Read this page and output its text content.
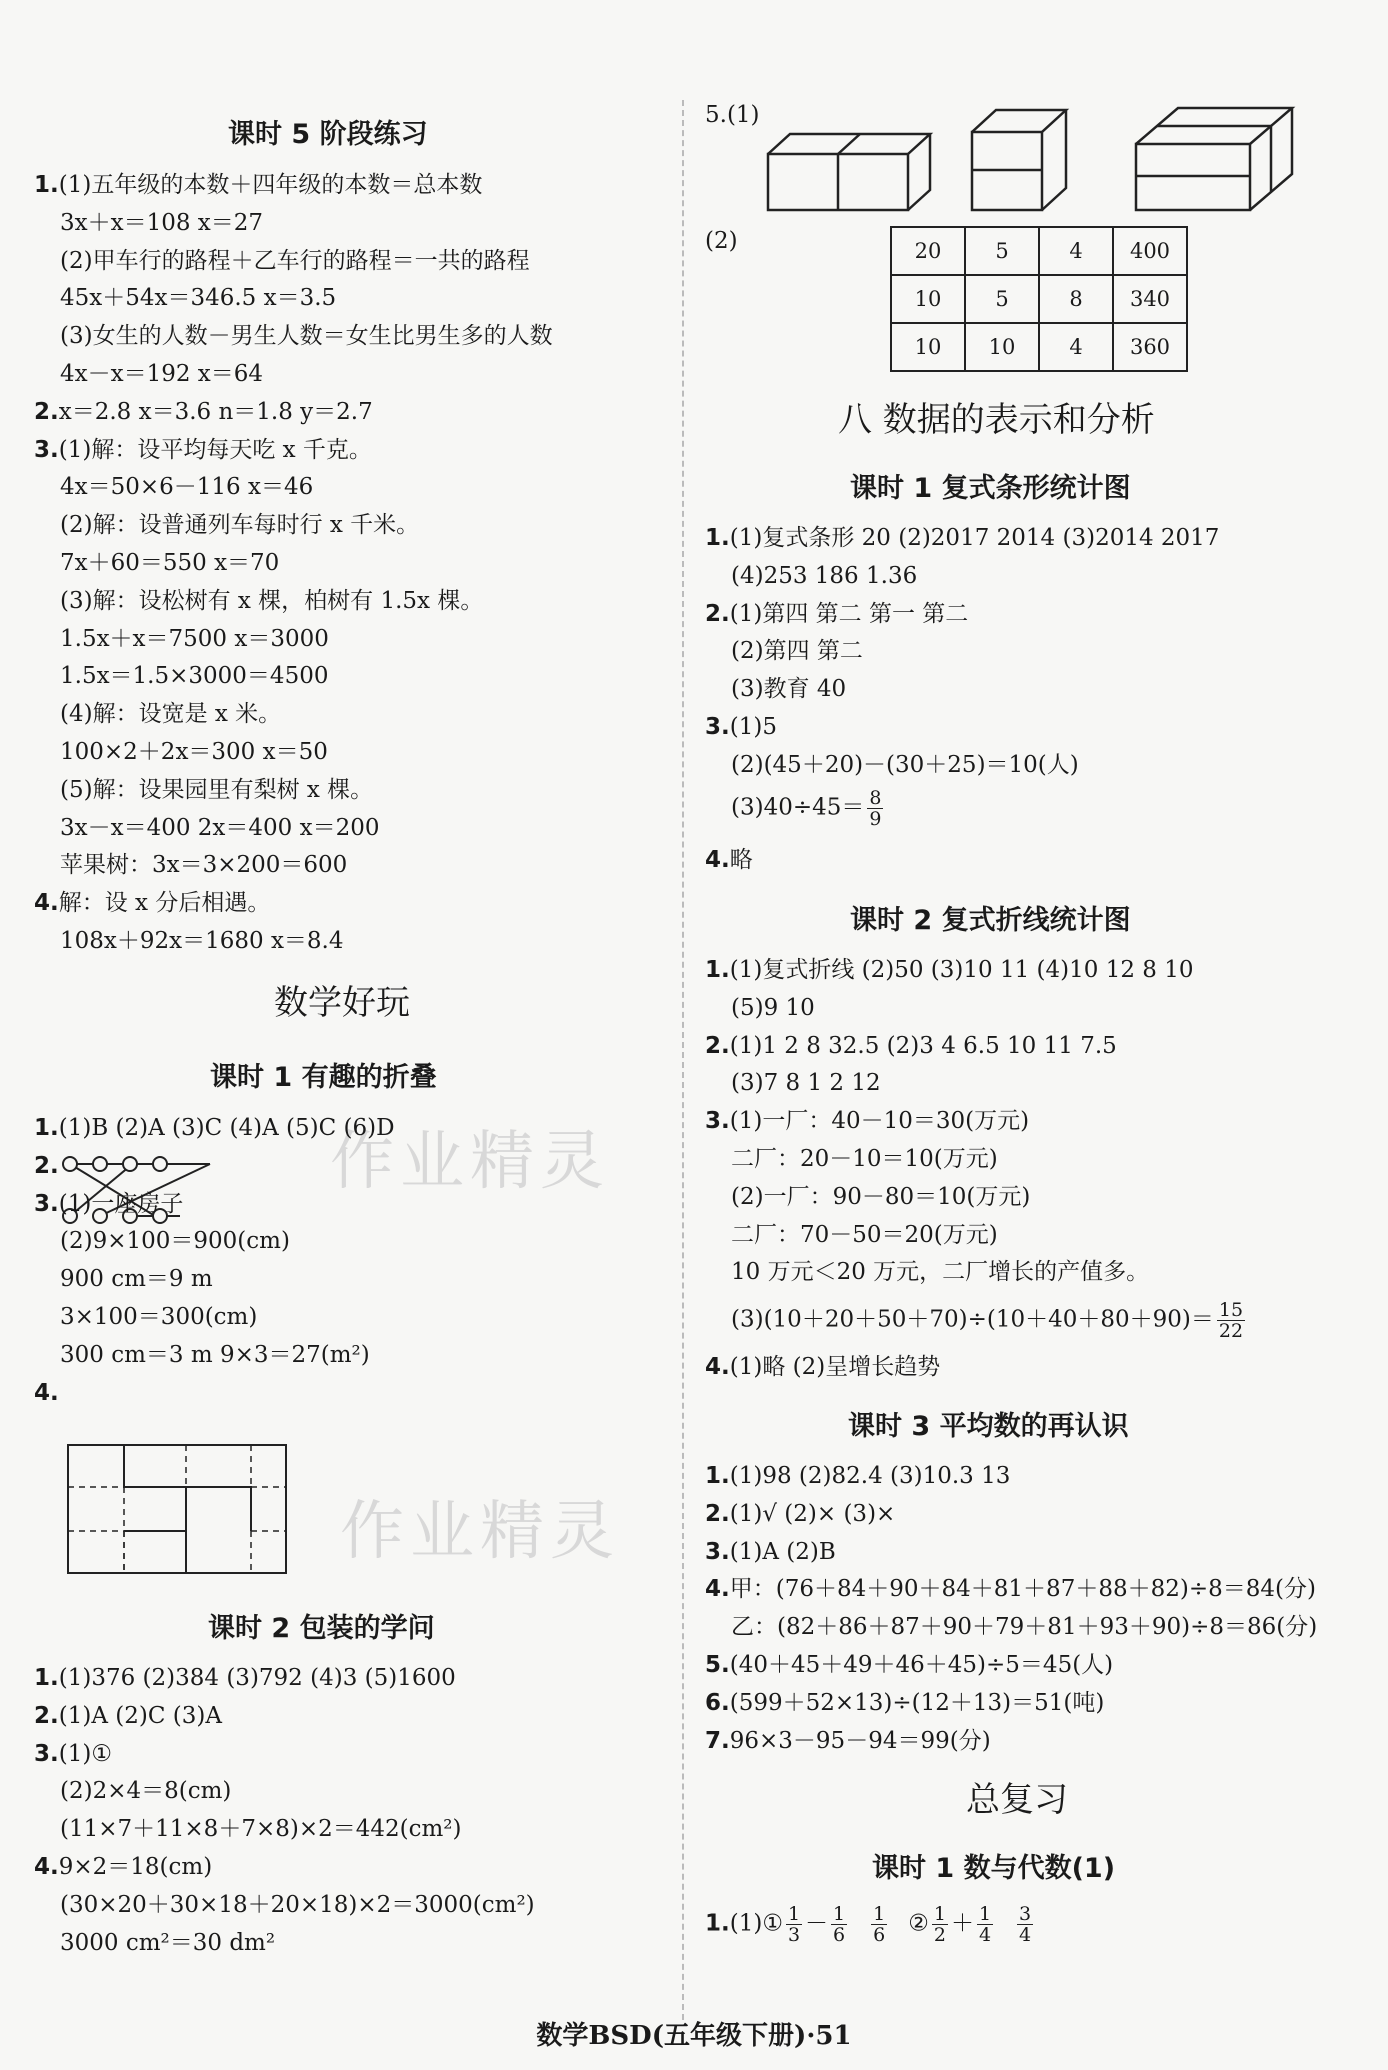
20	5	4	400
10	5	8	340
10	10	4	360
5.(1)
(2)
作业精灵
作业精灵
数学BSD(五年级下册)·51
课时 5 阶段练习
1.(1)五年级的本数＋四年级的本数＝总本数
3x＋x＝108 x＝27
(2)甲车行的路程＋乙车行的路程＝一共的路程
45x＋54x＝346.5 x＝3.5
(3)女生的人数－男生人数＝女生比男生多的人数
4x－x＝192 x＝64
2.x＝2.8 x＝3.6 n＝1.8 y＝2.7
3.(1)解：设平均每天吃 x 千克。
4x＝50×6－116 x＝46
(2)解：设普通列车每时行 x 千米。
7x＋60＝550 x＝70
(3)解：设松树有 x 棵，柏树有 1.5x 棵。
1.5x＋x＝7500 x＝3000
1.5x＝1.5×3000＝4500
(4)解：设宽是 x 米。
100×2＋2x＝300 x＝50
(5)解：设果园里有梨树 x 棵。
3x－x＝400 2x＝400 x＝200
苹果树：3x＝3×200＝600
4.解：设 x 分后相遇。
108x＋92x＝1680 x＝8.4
数学好玩
课时 1 有趣的折叠
1.(1)B (2)A (3)C (4)A (5)C (6)D
2.
3.(1)一座房子
(2)9×100＝900(cm)
900 cm＝9 m
3×100＝300(cm)
300 cm＝3 m 9×3＝27(m²)
4.
课时 2 包装的学问
1.(1)376 (2)384 (3)792 (4)3 (5)1600
2.(1)A (2)C (3)A
3.(1)①
(2)2×4＝8(cm)
(11×7＋11×8＋7×8)×2＝442(cm²)
4.9×2＝18(cm)
(30×20＋30×18＋20×18)×2＝3000(cm²)
3000 cm²＝30 dm²
八 数据的表示和分析
课时 1 复式条形统计图
1.(1)复式条形 20 (2)2017 2014 (3)2014 2017
(4)253 186 1.36
2.(1)第四 第二 第一 第二
(2)第四 第二
(3)教育 40
3.(1)5
(2)(45＋20)－(30＋25)＝10(人)
$(3)40\div 45= \frac{8}{9}$
4.略
课时 2 复式折线统计图
1.(1)复式折线 (2)50 (3)10 11 (4)10 12 8 10
(5)9 10
2.(1)1 2 8 32.5 (2)3 4 6.5 10 11 7.5
(3)7 8 1 2 12
3.(1)一厂：40－10＝30(万元)
二厂：20－10＝10(万元)
(2)一厂：90－80＝10(万元)
二厂：70－50＝20(万元)
10 万元＜20 万元，二厂增长的产值多。
$(3)(10+20+50+70)\div(10+40+80+90)= \frac{15}{22}$
4.(1)略 (2)呈增长趋势
课时 3 平均数的再认识
1.(1)98 (2)82.4 (3)10.3 13
2.(1)√ (2)× (3)×
3.(1)A (2)B
4.甲：(76＋84＋90＋84＋81＋87＋88＋82)÷8＝84(分)
乙：(82＋86＋87＋90＋79＋81＋93＋90)÷8＝86(分)
5.(40＋45＋49＋46＋45)÷5＝45(人)
6.(599＋52×13)÷(12＋13)＝51(吨)
7.96×3－95－94＝99(分)
总复习
课时 1 数与代数(1)
1.(1)① $\frac{1}{3} - \frac{1}{6} \frac{1}{6}$ ② $\frac{1}{2} + \frac{1}{4} \frac{3}{4}$
